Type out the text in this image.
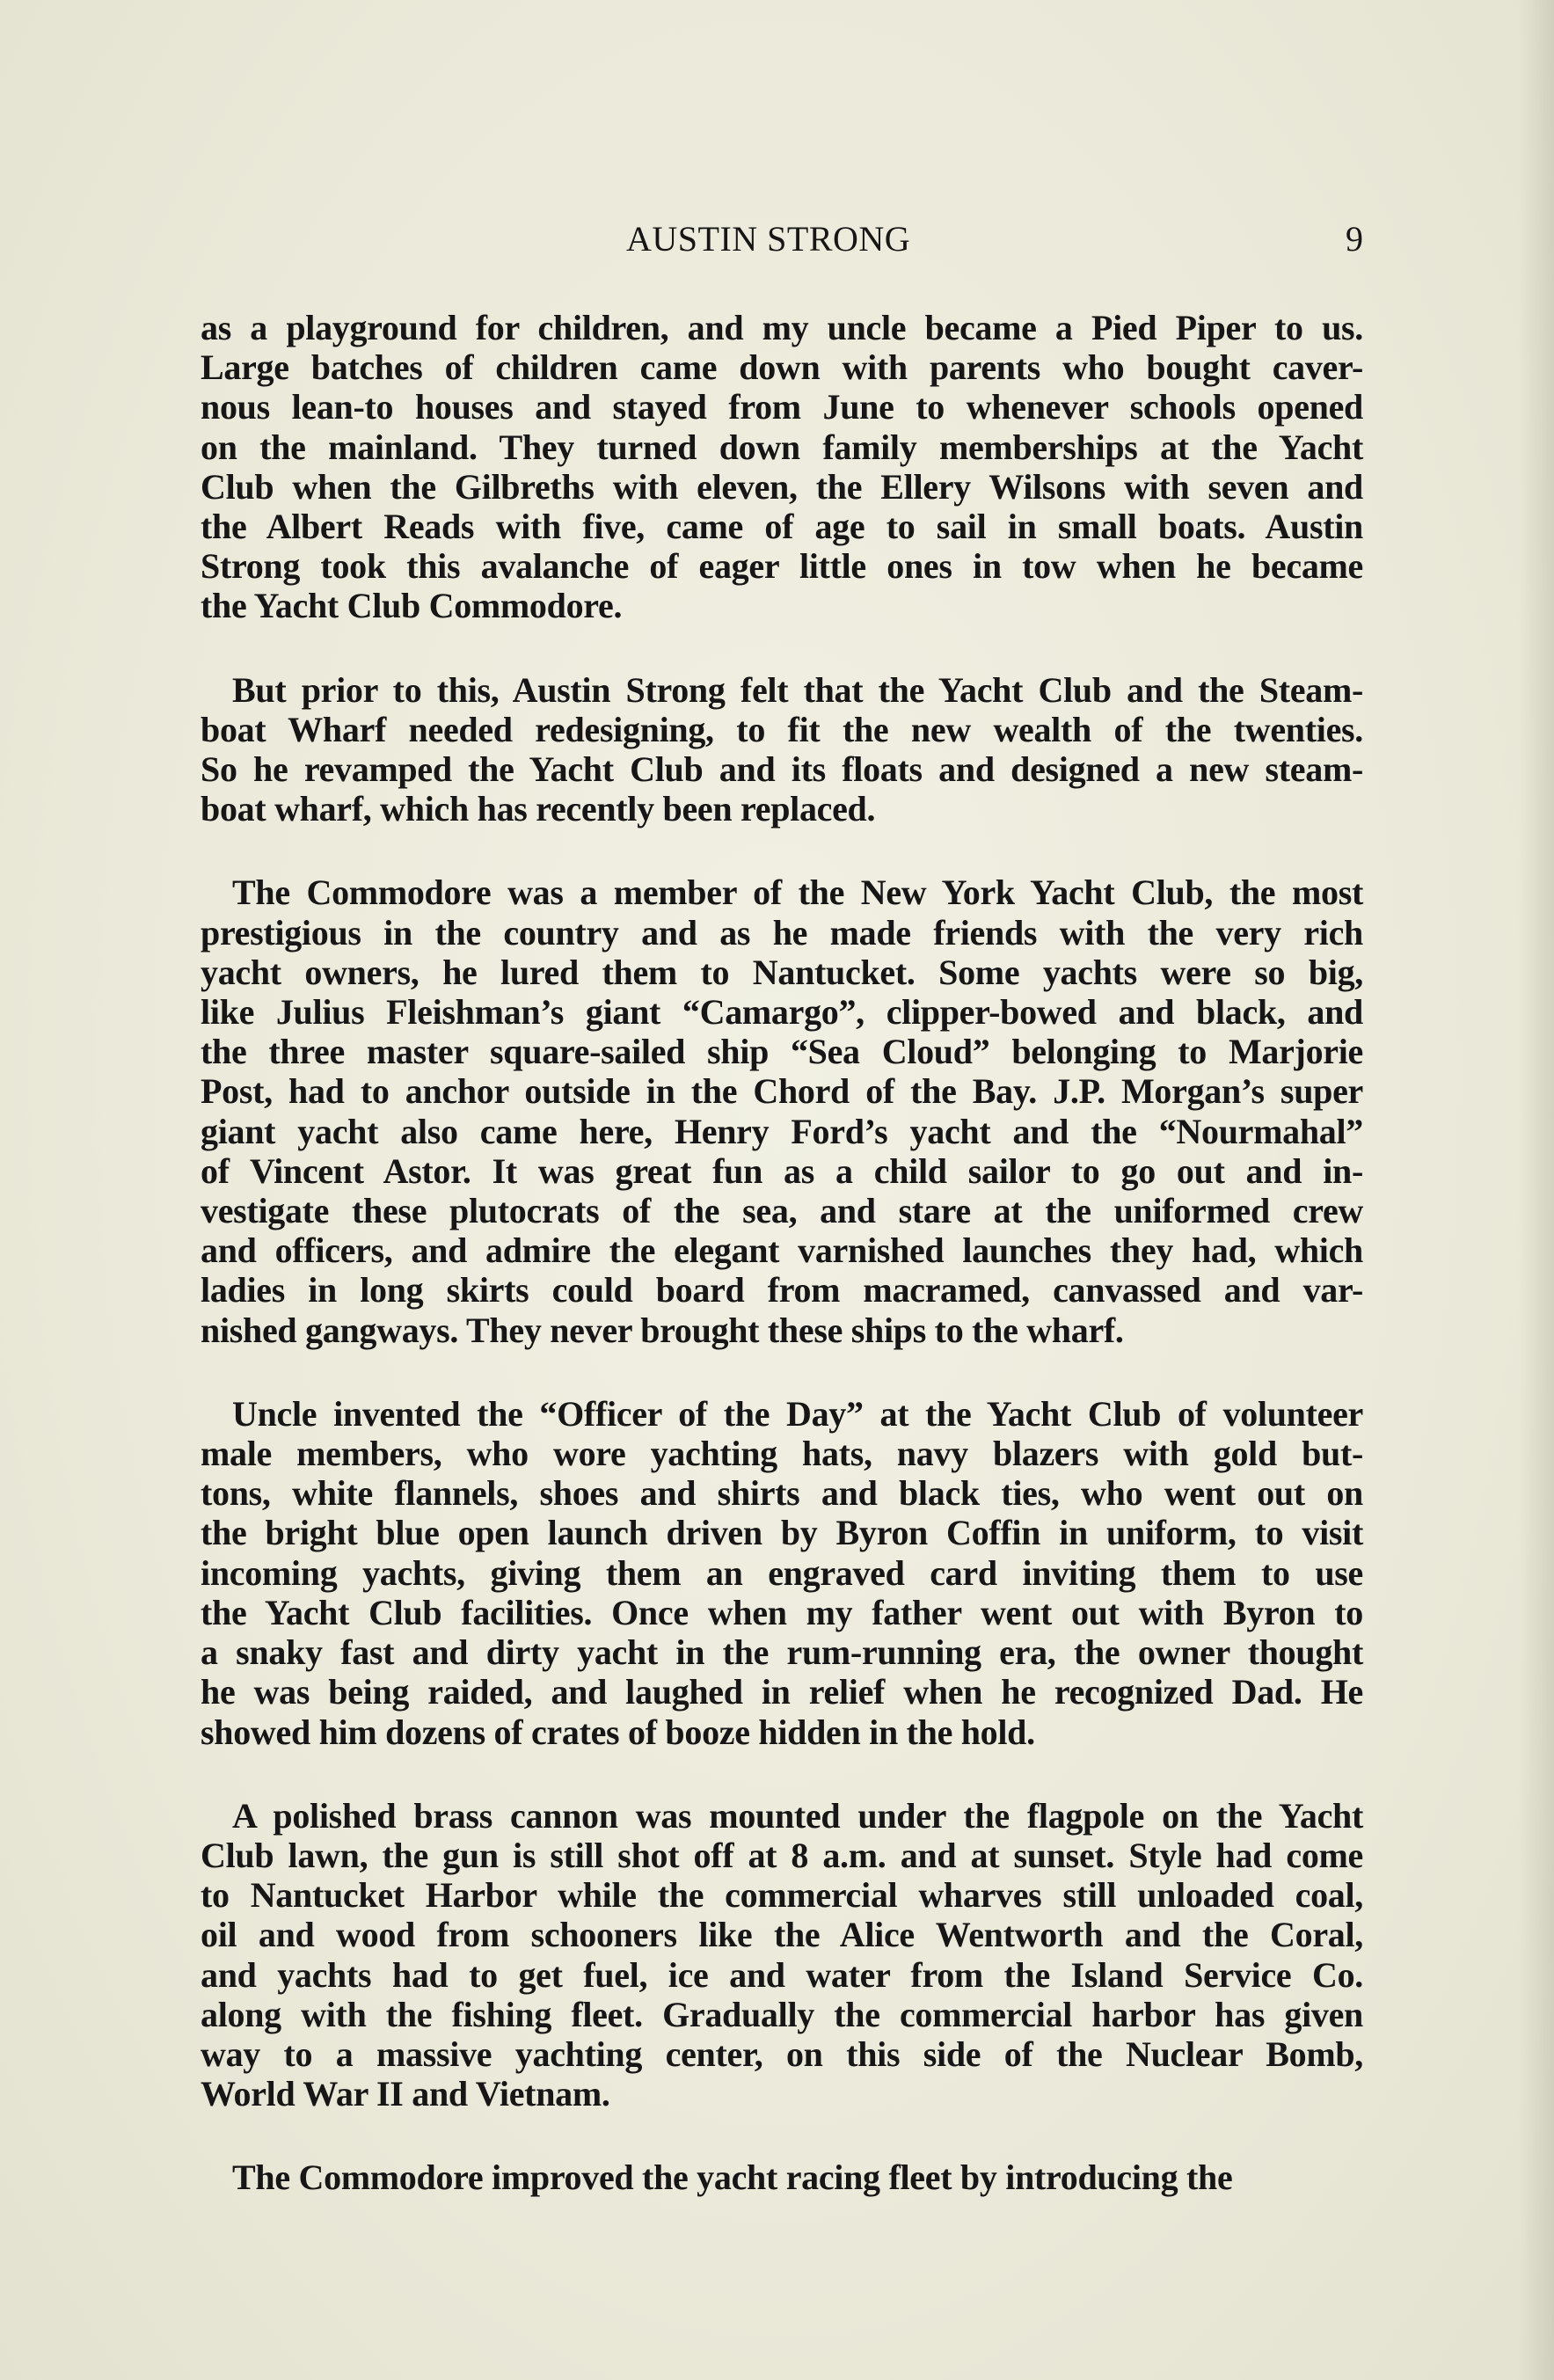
AUSTIN STRONG	9
as a playground for children, and my uncle became a Pied Piper to us.
Large batches of children came down with parents who bought caver-
nous lean-to houses and stayed from June to whenever schools opened
on the mainland. They turned down family memberships at the Yacht
Club when the Gilbreths with eleven, the Ellery Wilsons with seven and
the Albert Reads with five, came of age to sail in small boats. Austin
Strong took this avalanche of eager little ones in tow when he became
the Yacht Club Commodore.
But prior to this, Austin Strong felt that the Yacht Club and the Steam-
boat Wharf needed redesigning, to fit the new wealth of the twenties.
So he revamped the Yacht Club and its floats and designed a new steam-
boat wharf, which has recently been replaced.
The Commodore was a member of the New York Yacht Club, the most
prestigious in the country and as he made friends with the very rich
yacht owners, he lured them to Nantucket. Some yachts were so big,
like Julius Fleishman’s giant “Camargo”, clipper-bowed and black, and
the three master square-sailed ship “Sea Cloud” belonging to Marjorie
Post, had to anchor outside in the Chord of the Bay. J.P. Morgan’s super
giant yacht also came here, Henry Ford’s yacht and the “Nourmahal”
of Vincent Astor. It was great fun as a child sailor to go out and in-
vestigate these plutocrats of the sea, and stare at the uniformed crew
and officers, and admire the elegant varnished launches they had, which
ladies in long skirts could board from macramed, canvassed and var-
nished gangways. They never brought these ships to the wharf.
Uncle invented the “Officer of the Day” at the Yacht Club of volunteer
male members, who wore yachting hats, navy blazers with gold but-
tons, white flannels, shoes and shirts and black ties, who went out on
the bright blue open launch driven by Byron Coffin in uniform, to visit
incoming yachts, giving them an engraved card inviting them to use
the Yacht Club facilities. Once when my father went out with Byron to
a snaky fast and dirty yacht in the rum-running era, the owner thought
he was being raided, and laughed in relief when he recognized Dad. He
showed him dozens of crates of booze hidden in the hold.
A polished brass cannon was mounted under the flagpole on the Yacht
Club lawn, the gun is still shot off at 8 a.m. and at sunset. Style had come
to Nantucket Harbor while the commercial wharves still unloaded coal,
oil and wood from schooners like the Alice Wentworth and the Coral,
and yachts had to get fuel, ice and water from the Island Service Co.
along with the fishing fleet. Gradually the commercial harbor has given
way to a massive yachting center, on this side of the Nuclear Bomb,
World War II and Vietnam.
The Commodore improved the yacht racing fleet by introducing the
